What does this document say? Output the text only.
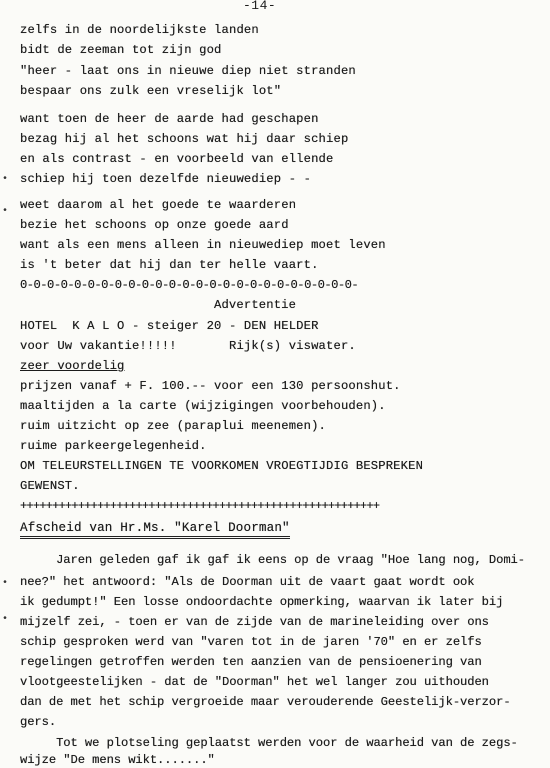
-14-
zelfs in de noordelijkste landen
bidt de zeeman tot zijn god
"heer - laat ons in nieuwe diep niet stranden
bespaar ons zulk een vreselijk lot"
want toen de heer de aarde had geschapen
bezag hij al het schoons wat hij daar schiep
en als contrast - en voorbeeld van ellende
schiep hij toen dezelfde nieuwediep - -
weet daarom al het goede te waarderen
bezie het schoons op onze goede aard
want als een mens alleen in nieuwediep moet leven
is 't beter dat hij dan ter helle vaart.
0-0-0-0-0-0-0-0-0-0-0-0-0-0-0-0-0-0-0-0-0-0-0-0-0-
Advertentie
HOTEL  K A L O - steiger 20 - DEN HELDER
voor Uw vakantie!!!!!       Rijk(s) viswater.
zeer voordelig
prijzen vanaf + F. 100.-- voor een 130 persoonshut.
maaltijden a la carte (wijzigingen voorbehouden).
ruim uitzicht op zee (paraplui meenemen).
ruime parkeergelegenheid.
OM TELEURSTELLINGEN TE VOORKOMEN VROEGTIJDIG BESPREKEN
GEWENST.
++++++++++++++++++++++++++++++++++++++++++++++++++++++++
Afscheid van Hr.Ms. "Karel Doorman"
Jaren geleden gaf ik gaf ik eens op de vraag "Hoe lang nog, Domi-
nee?" het antwoord: "Als de Doorman uit de vaart gaat wordt ook
ik gedumpt!" Een losse ondoordachte opmerking, waarvan ik later bij
mijzelf zei, - toen er van de zijde van de marineleiding over ons
schip gesproken werd van "varen tot in de jaren '70" en er zelfs
regelingen getroffen werden ten aanzien van de pensioenering van
vlootgeestelijken - dat de "Doorman" het wel langer zou uithouden
dan de met het schip vergroeide maar verouderende Geestelijk-verzor-
gers.
Tot we plotseling geplaatst werden voor de waarheid van de zegs-
wijze "De mens wikt......."
•
•
•
•
